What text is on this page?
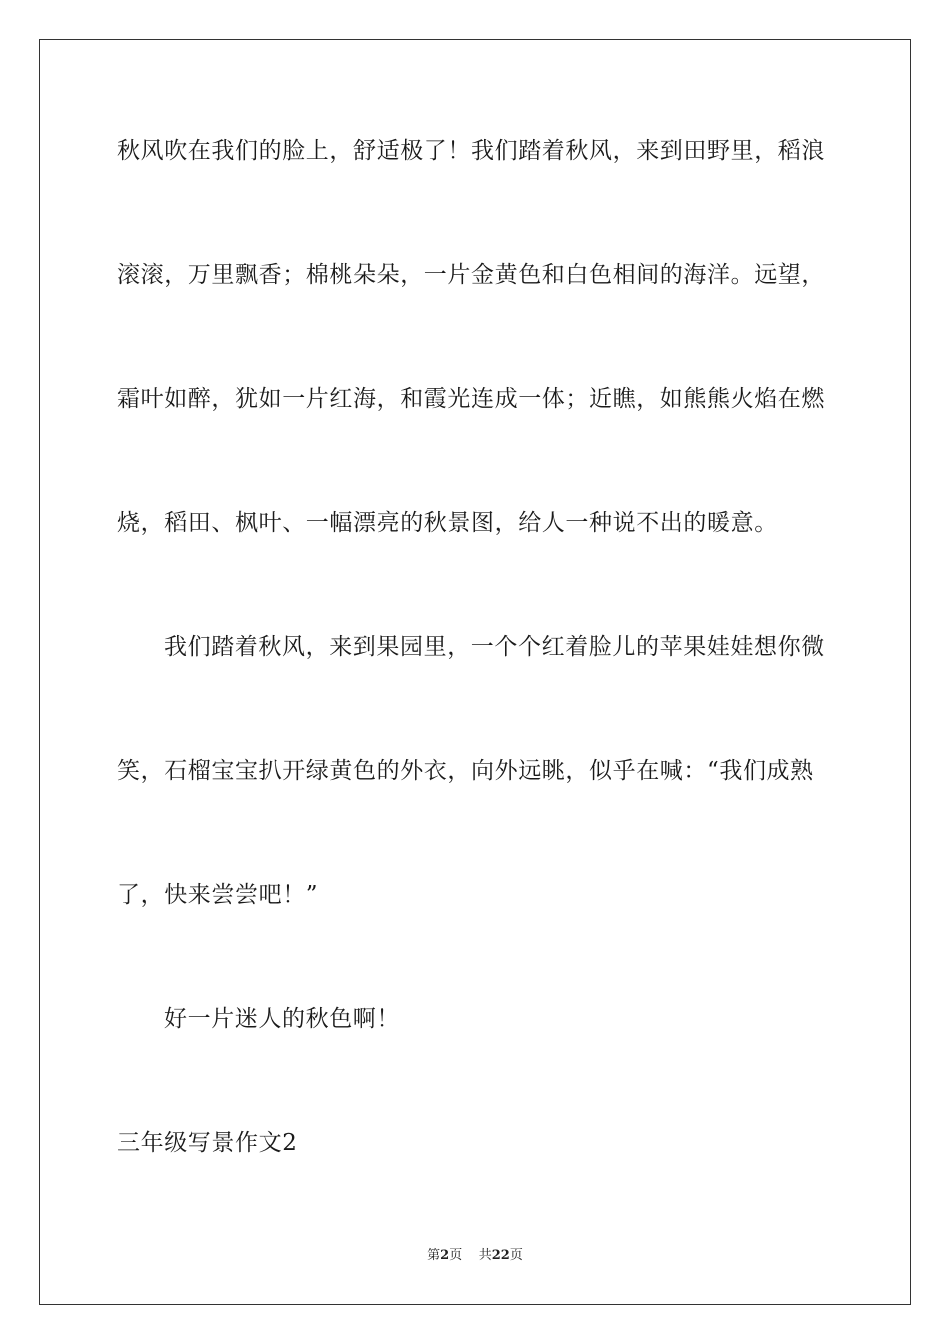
秋风吹在我们的脸上，舒适极了！我们踏着秋风，来到田野里，稻浪
滚滚，万里飘香；棉桃朵朵，一片金黄色和白色相间的海洋。远望，
霜叶如醉，犹如一片红海，和霞光连成一体；近瞧，如熊熊火焰在燃
烧，稻田、枫叶、一幅漂亮的秋景图，给人一种说不出的暖意。
我们踏着秋风，来到果园里，一个个红着脸儿的苹果娃娃想你微
笑，石榴宝宝扒开绿黄色的外衣，向外远眺，似乎在喊：“我们成熟
了，快来尝尝吧！”
好一片迷人的秋色啊！
三年级写景作文2
第2页 共22页
